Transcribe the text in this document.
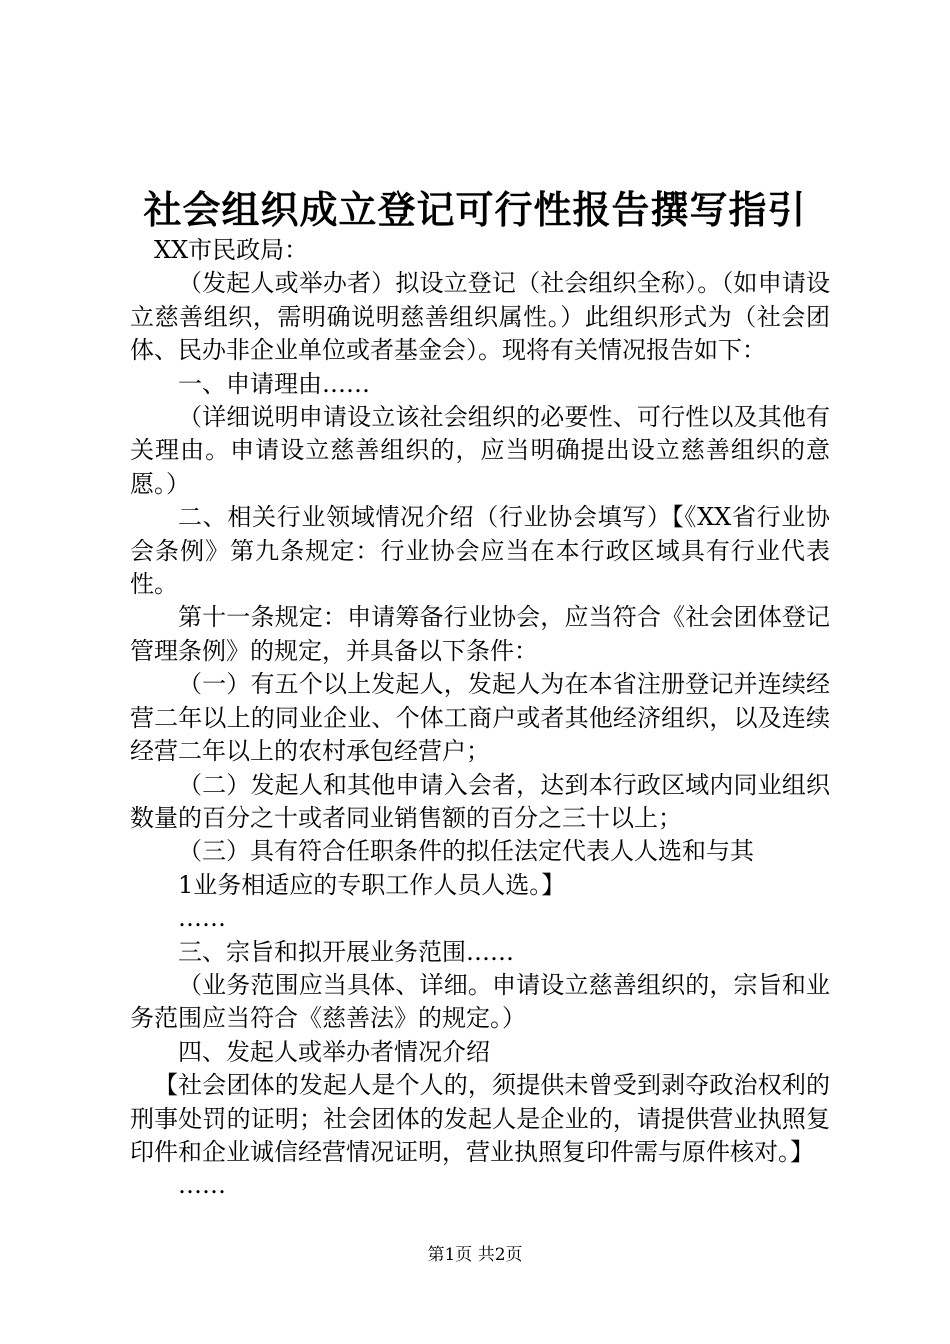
社会组织成立登记可行性报告撰写指引

XX市民政局：

（发起人或举办者）拟设立登记（社会组织全称）。（如申请设立慈善组织，需明确说明慈善组织属性。）此组织形式为（社会团体、民办非企业单位或者基金会）。现将有关情况报告如下：

一、申请理由……

（详细说明申请设立该社会组织的必要性、可行性以及其他有关理由。申请设立慈善组织的，应当明确提出设立慈善组织的意愿。）

二、相关行业领域情况介绍（行业协会填写）【《XX省行业协会条例》第九条规定：行业协会应当在本行政区域具有行业代表性。

第十一条规定：申请筹备行业协会，应当符合《社会团体登记管理条例》的规定，并具备以下条件：

（一）有五个以上发起人，发起人为在本省注册登记并连续经营二年以上的同业企业、个体工商户或者其他经济组织，以及连续经营二年以上的农村承包经营户；

（二）发起人和其他申请入会者，达到本行政区域内同业组织数量的百分之十或者同业销售额的百分之三十以上；

（三）具有符合任职条件的拟任法定代表人人选和与其

1业务相适应的专职工作人员人选。】

……

三、宗旨和拟开展业务范围……

（业务范围应当具体、详细。申请设立慈善组织的，宗旨和业务范围应当符合《慈善法》的规定。）

四、发起人或举办者情况介绍

【社会团体的发起人是个人的，须提供未曾受到剥夺政治权利的刑事处罚的证明；社会团体的发起人是企业的，请提供营业执照复印件和企业诚信经营情况证明，营业执照复印件需与原件核对。】

……

第1页 共2页
